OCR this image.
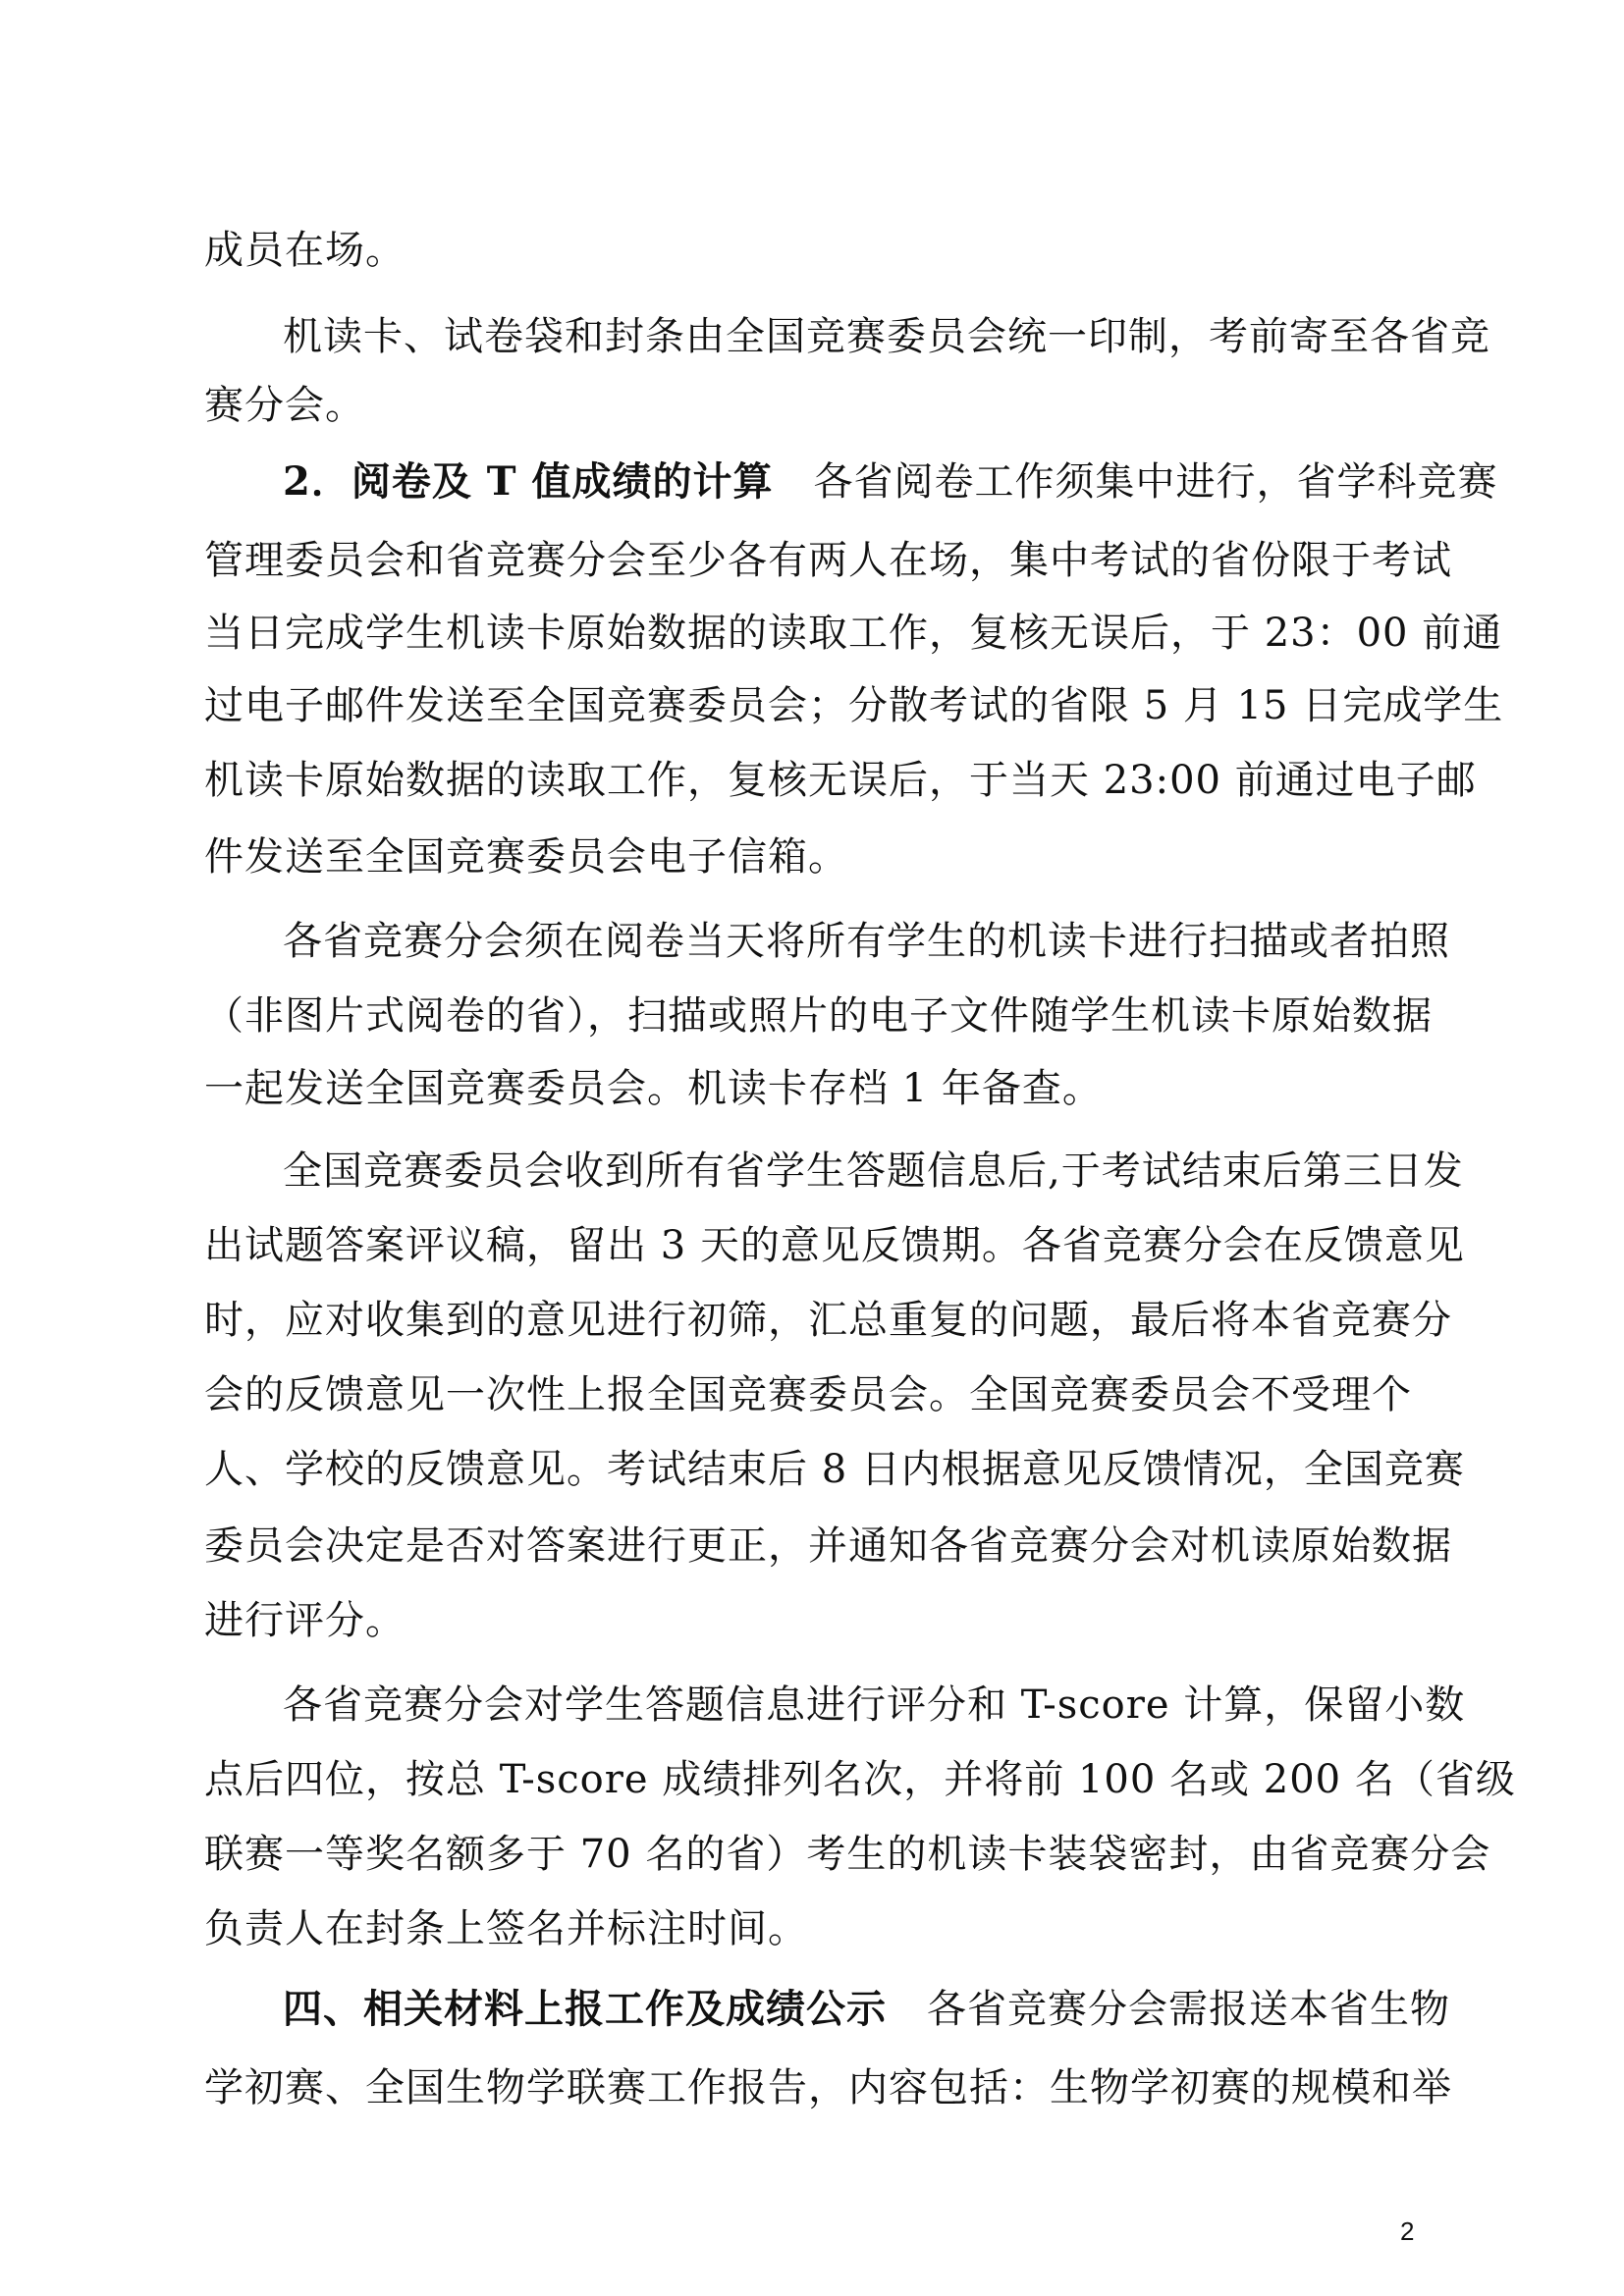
成员在场。
机读卡、试卷袋和封条由全国竞赛委员会统一印制，考前寄至各省竞
赛分会。
2．阅卷及 T 值成绩的计算　 各省阅卷工作须集中进行，省学科竞赛
管理委员会和省竞赛分会至少各有两人在场，集中考试的省份限于考试
当日完成学生机读卡原始数据的读取工作，复核无误后，于 23：00 前通
过电子邮件发送至全国竞赛委员会；分散考试的省限 5 月 15 日完成学生
机读卡原始数据的读取工作，复核无误后，于当天 23:00 前通过电子邮
件发送至全国竞赛委员会电子信箱。
各省竞赛分会须在阅卷当天将所有学生的机读卡进行扫描或者拍照
（非图片式阅卷的省），扫描或照片的电子文件随学生机读卡原始数据
一起发送全国竞赛委员会。机读卡存档 1 年备查。
全国竞赛委员会收到所有省学生答题信息后,于考试结束后第三日发
出试题答案评议稿，留出 3 天的意见反馈期。各省竞赛分会在反馈意见
时，应对收集到的意见进行初筛，汇总重复的问题，最后将本省竞赛分
会的反馈意见一次性上报全国竞赛委员会。全国竞赛委员会不受理个
人、学校的反馈意见。考试结束后 8 日内根据意见反馈情况，全国竞赛
委员会决定是否对答案进行更正，并通知各省竞赛分会对机读原始数据
进行评分。
各省竞赛分会对学生答题信息进行评分和 T-score 计算，保留小数
点后四位，按总 T-score 成绩排列名次，并将前 100 名或 200 名（省级
联赛一等奖名额多于 70 名的省）考生的机读卡装袋密封，由省竞赛分会
负责人在封条上签名并标注时间。
四、相关材料上报工作及成绩公示　 各省竞赛分会需报送本省生物
学初赛、全国生物学联赛工作报告，内容包括：生物学初赛的规模和举
2
